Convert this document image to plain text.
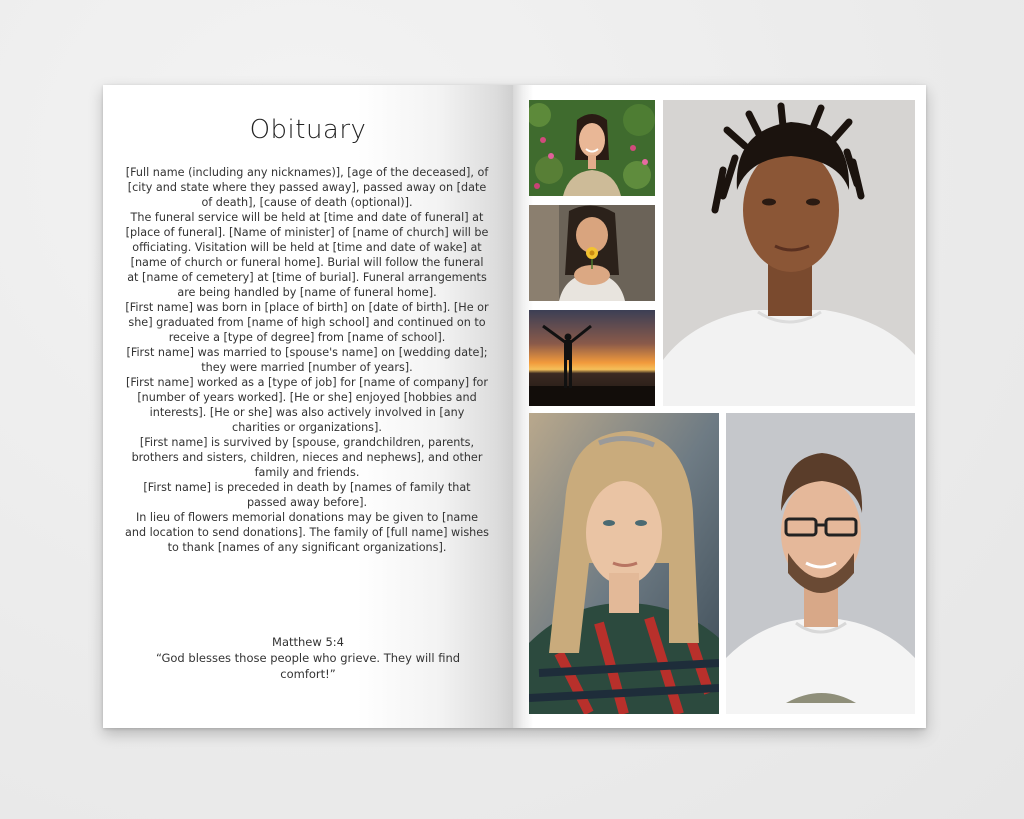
Obituary

[Full name (including any nicknames)], [age of the deceased], of [city and state where they passed away], passed away on [date of death], [cause of death (optional)].

The funeral service will be held at [time and date of funeral] at [place of funeral]. [Name of minister] of [name of church] will be officiating. Visitation will be held at [time and date of wake] at [name of church or funeral home]. Burial will follow the funeral at [name of cemetery] at [time of burial]. Funeral arrangements are being handled by [name of funeral home].

[First name] was born in [place of birth] on [date of birth]. [He or she] graduated from [name of high school] and continued on to receive a [type of degree] from [name of school].

[First name] was married to [spouse's name] on [wedding date]; they were married [number of years].

[First name] worked as a [type of job] for [name of company] for [number of years worked]. [He or she] enjoyed [hobbies and interests]. [He or she] was also actively involved in [any charities or organizations].

[First name] is survived by [spouse, grandchildren, parents, brothers and sisters, children, nieces and nephews], and other family and friends.

[First name] is preceded in death by [names of family that passed away before].

In lieu of flowers memorial donations may be given to [name and location to send donations]. The family of [full name] wishes to thank [names of any significant organizations].

Matthew 5:4

“God blesses those people who grieve. They will find comfort!”
